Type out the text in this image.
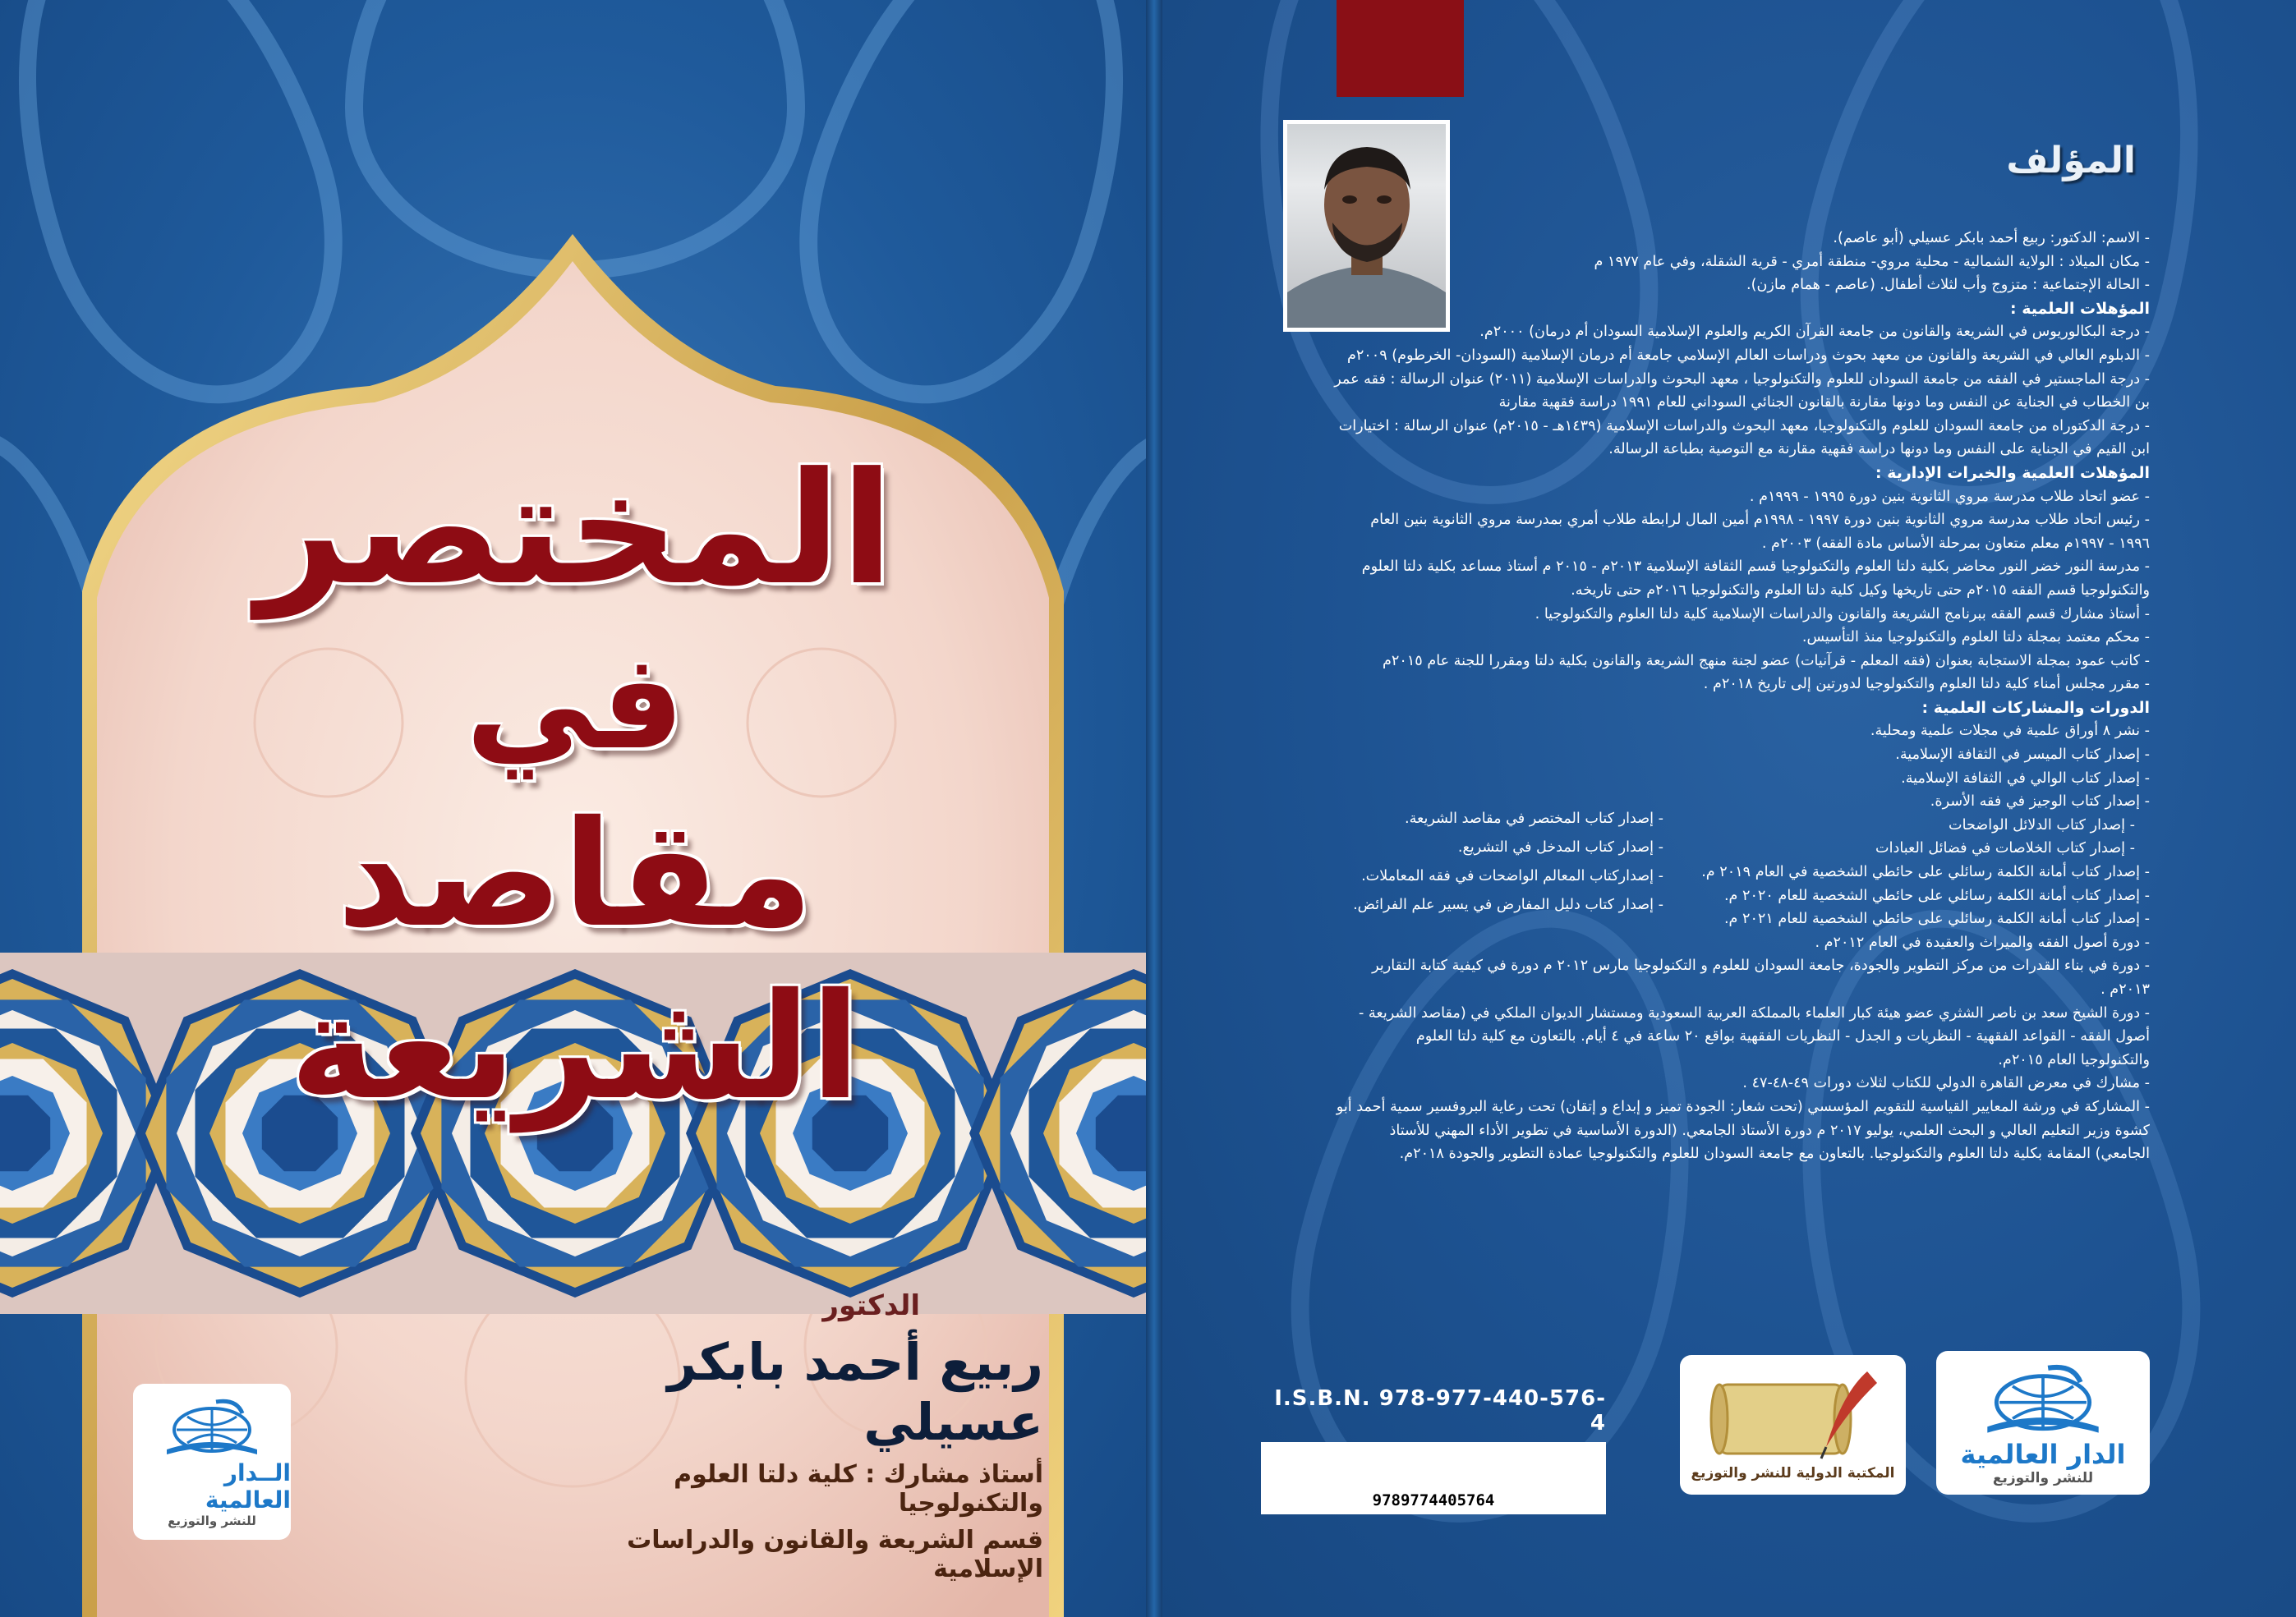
المختصر
في
مقاصد الشريعة
الدكتور
ربيع أحمد بابكر عسيلي
أستاذ مشارك : كلية دلتا العلوم والتكنولوجيا
قسم الشريعة والقانون والدراسات الإسلامية
الــدار العالمية
للنشر والتوزيع
المؤلف
- الاسم: الدكتور: ربيع أحمد بابكر عسيلي (أبو عاصم).
- مكان الميلاد : الولاية الشمالية - محلية مروي- منطقة أمري - قرية الشقلة، وفي عام ١٩٧٧ م
- الحالة الإجتماعية : متزوج وأب لثلاث أطفال. (عاصم - همام مازن).
المؤهلات العلمية :
- درجة البكالوريوس في الشريعة والقانون من جامعة القرآن الكريم والعلوم الإسلامية السودان أم درمان) ٢٠٠٠م.
- الدبلوم العالي في الشريعة والقانون من معهد بحوث ودراسات العالم الإسلامي جامعة أم درمان الإسلامية (السودان- الخرطوم) ٢٠٠٩م
- درجة الماجستير في الفقه من جامعة السودان للعلوم والتكنولوجيا ، معهد البحوث والدراسات الإسلامية (٢٠١١) عنوان الرسالة : فقه عمر
بن الخطاب في الجناية عن النفس وما دونها مقارنة بالقانون الجنائي السوداني للعام ١٩٩١ دراسة فقهية مقارنة
- درجة الدكتوراه من جامعة السودان للعلوم والتكنولوجيا، معهد البحوث والدراسات الإسلامية (١٤٣٩هـ - ٢٠١٥م) عنوان الرسالة : اختيارات
ابن القيم في الجناية على النفس وما دونها دراسة فقهية مقارنة مع التوصية بطباعة الرسالة.
المؤهلات العلمية والخبرات الإدارية :
- عضو اتحاد طلاب مدرسة مروي الثانوية بنين دورة ١٩٩٥ - ١٩٩٩م .
- رئيس اتحاد طلاب مدرسة مروي الثانوية بنين دورة ١٩٩٧ - ١٩٩٨م أمين المال لرابطة طلاب أمري بمدرسة مروي الثانوية بنين العام
١٩٩٦ - ١٩٩٧م معلم متعاون بمرحلة الأساس مادة الفقه) ٢٠٠٣م .
- مدرسة النور خضر النور محاضر بكلية دلتا العلوم والتكنولوجيا قسم الثقافة الإسلامية ٢٠١٣م - ٢٠١٥ م أستاذ مساعد بكلية دلتا العلوم
والتكنولوجيا قسم الفقه ٢٠١٥م حتى تاريخها وكيل كلية دلتا العلوم والتكنولوجيا ٢٠١٦م حتى تاريخه.
- أستاذ مشارك قسم الفقه ببرنامج الشريعة والقانون والدراسات الإسلامية كلية دلتا العلوم والتكنولوجيا .
- محكم معتمد بمجلة دلتا العلوم والتكنولوجيا منذ التأسيس.
- كاتب عمود بمجلة الاستجابة بعنوان (فقه المعلم - قرآنيات) عضو لجنة منهج الشريعة والقانون بكلية دلتا ومقررا للجنة عام ٢٠١٥م
- مقرر مجلس أمناء كلية دلتا العلوم والتكنولوجيا لدورتين إلى تاريخ ٢٠١٨م .
الدورات والمشاركات العلمية :
- نشر ٨ أوراق علمية في مجلات علمية ومحلية.
- إصدار كتاب الميسر في الثقافة الإسلامية.
- إصدار كتاب الوالي في الثقافة الإسلامية.
- إصدار كتاب الوجيز في فقه الأسرة.
- إصدار كتاب الدلائل الواضحات
- إصدار كتاب الخلاصات في فضائل العبادات
- إصدار كتاب أمانة الكلمة رسائلي على حائطي الشخصية في العام ٢٠١٩ م.
- إصدار كتاب أمانة الكلمة رسائلي على حائطي الشخصية للعام ٢٠٢٠ م.
- إصدار كتاب أمانة الكلمة رسائلي على حائطي الشخصية للعام ٢٠٢١ م.
- دورة أصول الفقه والميراث والعقيدة في العام ٢٠١٢م .
- دورة في بناء القدرات من مركز التطوير والجودة، جامعة السودان للعلوم و التكنولوجيا مارس ٢٠١٢ م دورة في كيفية كتابة التقارير
٢٠١٣م .
- دورة الشيخ سعد بن ناصر الشثري عضو هيئة كبار العلماء بالمملكة العربية السعودية ومستشار الديوان الملكي في (مقاصد الشريعة -
أصول الفقه - القواعد الفقهية - النظريات و الجدل - النظريات الفقهية بواقع ٢٠ ساعة في ٤ أيام. بالتعاون مع كلية دلتا العلوم
والتكنولوجيا العام ٢٠١٥م.
- مشارك في معرض القاهرة الدولي للكتاب لثلاث دورات ٤٩-٤٨-٤٧ .
- المشاركة في ورشة المعايير القياسية للتقويم المؤسسي (تحت شعار: الجودة تميز و إبداع و إتقان) تحت رعاية البروفسير سمية أحمد أبو
كشوة وزير التعليم العالي و البحث العلمي، يوليو ٢٠١٧ م دورة الأستاذ الجامعي. (الدورة الأساسية في تطوير الأداء المهني للأستاذ
الجامعي) المقامة بكلية دلتا العلوم والتكنولوجيا. بالتعاون مع جامعة السودان للعلوم والتكنولوجيا عمادة التطوير والجودة ٢٠١٨م.
- إصدار كتاب المختصر في مقاصد الشريعة.
- إصدار كتاب المدخل في التشريع.
- إصداركتاب المعالم الواضحات في فقه المعاملات.
- إصدار كتاب دليل المفارض في يسير علم الفرائض.
I.S.B.N. 978-977-440-576-4
9789774405764
المكتبة الدولية للنشر والتوزيع
الدار العالمية
للنشر والتوزيع
